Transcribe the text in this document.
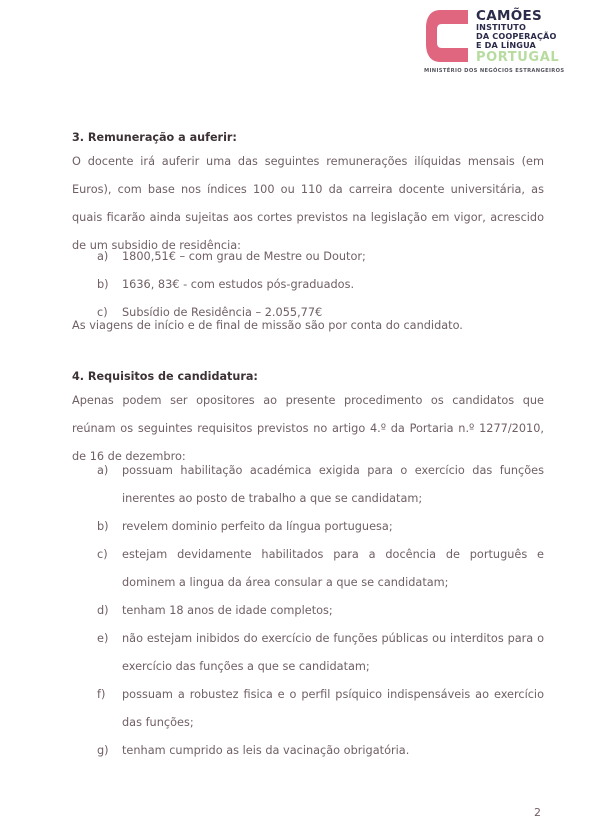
CAMÕES
INSTITUTO
DA COOPERAÇÃO
E DA LÍNGUA
PORTUGAL
MINISTÉRIO DOS NEGÓCIOS ESTRANGEIROS
3. Remuneração a auferir:

O docente irá auferir uma das seguintes remunerações ilíquidas mensais (em Euros), com base nos índices 100 ou 110 da carreira docente universitária, as quais ficarão ainda sujeitas aos cortes previstos na legislação em vigor, acrescido de um subsidio de residência:

a)	1800,51€ – com grau de Mestre ou Doutor;
b)	1636, 83€ - com estudos pós-graduados.
c)	Subsídio de Residência – 2.055,77€

As viagens de início e de final de missão são por conta do candidato.

4. Requisitos de candidatura:

Apenas podem ser opositores ao presente procedimento os candidatos que reúnam os seguintes requisitos previstos no artigo 4.º da Portaria n.º 1277/2010, de 16 de dezembro:

a)	possuam habilitação académica exigida para o exercício das funções inerentes ao posto de trabalho a que se candidatam;
b)	revelem dominio perfeito da língua portuguesa;
c)	estejam devidamente habilitados para a docência de português e dominem a lingua da área consular a que se candidatam;
d)	tenham 18 anos de idade completos;
e)	não estejam inibidos do exercício de funções públicas ou interditos para o exercício das funções a que se candidatam;
f)	possuam a robustez fisica e o perfil psíquico indispensáveis ao exercício das funções;
g)	tenham cumprido as leis da vacinação obrigatória.
2
